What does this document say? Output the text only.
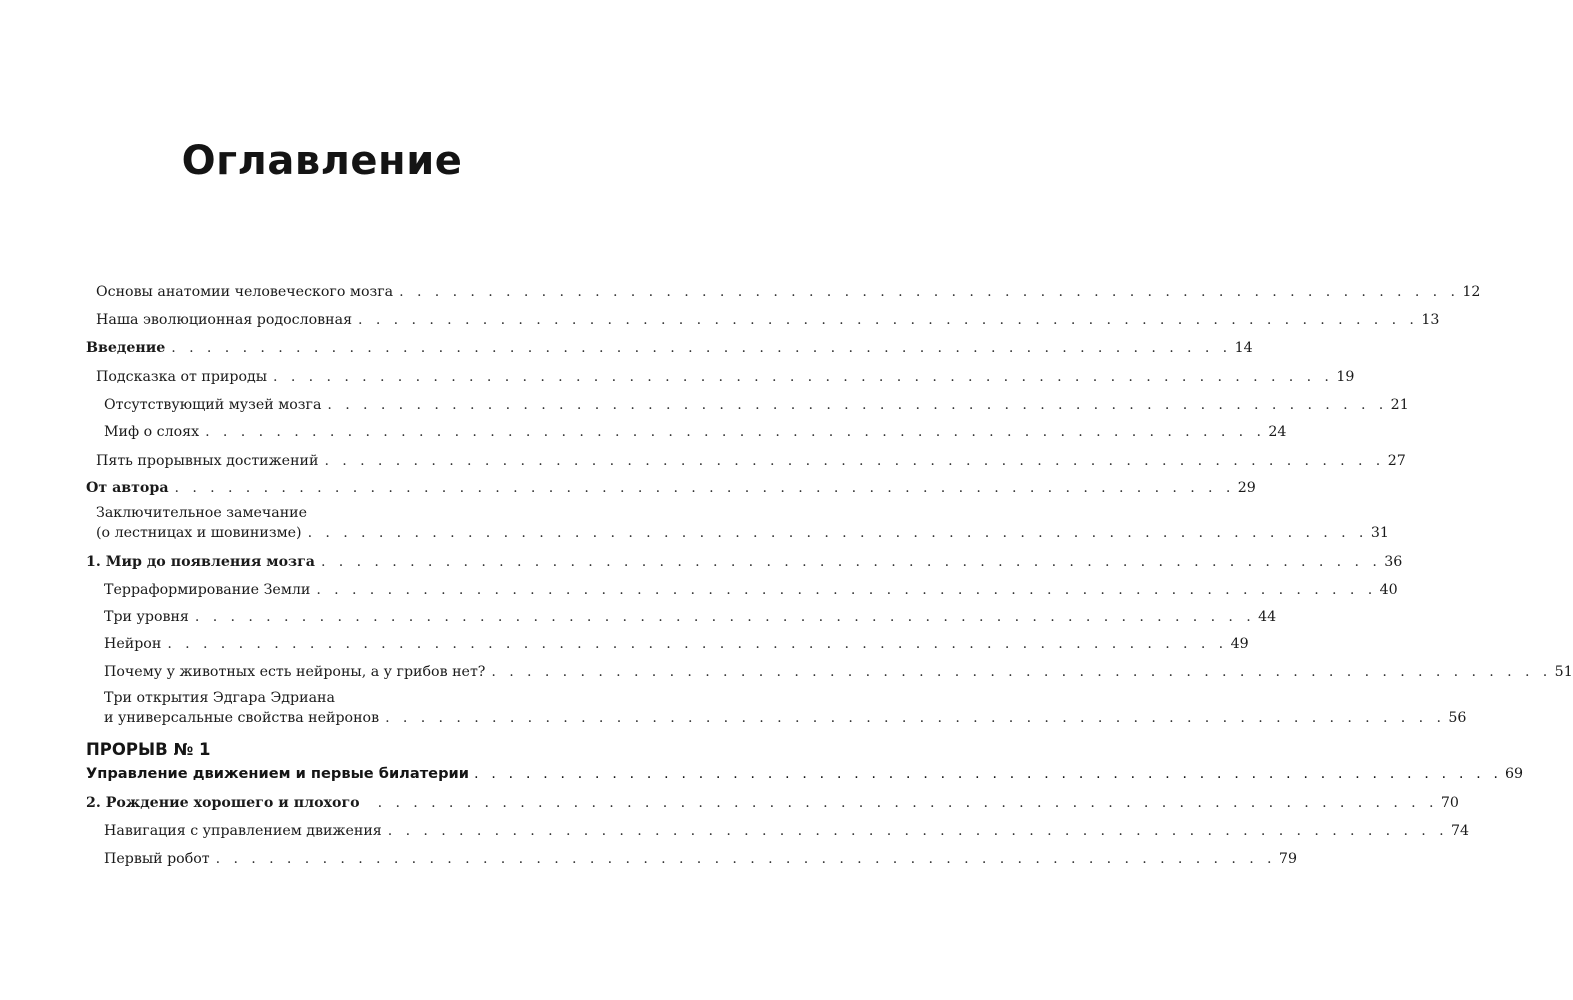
Оглавление
Основы анатомии человеческого мозга . . . . . . . . . . . . . . . . . . . . . . . . . . . . . . . . . . . . . . . . . . . . . . . . . . . . . . . . . . . . 12
Наша эволюционная родословная . . . . . . . . . . . . . . . . . . . . . . . . . . . . . . . . . . . . . . . . . . . . . . . . . . . . . . . . . . . . 13
Введение . . . . . . . . . . . . . . . . . . . . . . . . . . . . . . . . . . . . . . . . . . . . . . . . . . . . . . . . . . . . 14
Подсказка от природы . . . . . . . . . . . . . . . . . . . . . . . . . . . . . . . . . . . . . . . . . . . . . . . . . . . . . . . . . . . . 19
Отсутствующий музей мозга . . . . . . . . . . . . . . . . . . . . . . . . . . . . . . . . . . . . . . . . . . . . . . . . . . . . . . . . . . . . 21
Миф о слоях . . . . . . . . . . . . . . . . . . . . . . . . . . . . . . . . . . . . . . . . . . . . . . . . . . . . . . . . . . . . 24
Пять прорывных достижений . . . . . . . . . . . . . . . . . . . . . . . . . . . . . . . . . . . . . . . . . . . . . . . . . . . . . . . . . . . . 27
От автора . . . . . . . . . . . . . . . . . . . . . . . . . . . . . . . . . . . . . . . . . . . . . . . . . . . . . . . . . . . . 29
Заключительное замечание
(о лестницах и шовинизме) . . . . . . . . . . . . . . . . . . . . . . . . . . . . . . . . . . . . . . . . . . . . . . . . . . . . . . . . . . . . 31
1. Мир до появления мозга . . . . . . . . . . . . . . . . . . . . . . . . . . . . . . . . . . . . . . . . . . . . . . . . . . . . . . . . . . . . 36
Терраформирование Земли . . . . . . . . . . . . . . . . . . . . . . . . . . . . . . . . . . . . . . . . . . . . . . . . . . . . . . . . . . . . 40
Три уровня . . . . . . . . . . . . . . . . . . . . . . . . . . . . . . . . . . . . . . . . . . . . . . . . . . . . . . . . . . . . 44
Нейрон . . . . . . . . . . . . . . . . . . . . . . . . . . . . . . . . . . . . . . . . . . . . . . . . . . . . . . . . . . . . 49
Почему у животных есть нейроны, а у грибов нет? . . . . . . . . . . . . . . . . . . . . . . . . . . . . . . . . . . . . . . . . . . . . . . . . . . . . . . . . . . . . 51
Три открытия Эдгара Эдриана
и универсальные свойства нейронов . . . . . . . . . . . . . . . . . . . . . . . . . . . . . . . . . . . . . . . . . . . . . . . . . . . . . . . . . . . . 56
ПРОРЫВ № 1
Управление движением и первые билатерии . . . . . . . . . . . . . . . . . . . . . . . . . . . . . . . . . . . . . . . . . . . . . . . . . . . . . . . . . . . . 69
2. Рождение хорошего и плохого . . . . . . . . . . . . . . . . . . . . . . . . . . . . . . . . . . . . . . . . . . . . . . . . . . . . . . . . . . . . 70
Навигация с управлением движения . . . . . . . . . . . . . . . . . . . . . . . . . . . . . . . . . . . . . . . . . . . . . . . . . . . . . . . . . . . . 74
Первый робот . . . . . . . . . . . . . . . . . . . . . . . . . . . . . . . . . . . . . . . . . . . . . . . . . . . . . . . . . . . . 79
